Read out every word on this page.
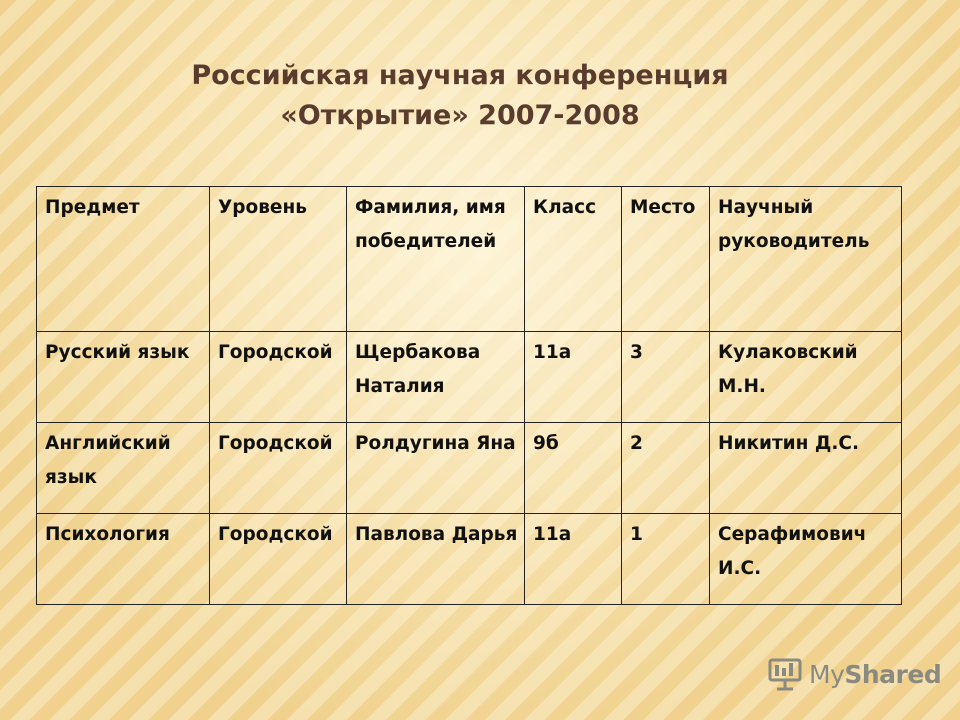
Российская научная конференция
«Открытие» 2007-2008
Предмет	Уровень	Фамилия, имя победителей	Класс	Место	Научный руководитель
Русский язык	Городской	Щербакова Наталия	11а	3	Кулаковский М.Н.
Английский язык	Городской	Ролдугина Яна	9б	2	Никитин Д.С.
Психология	Городской	Павлова Дарья	11а	1	Серафимович И.С.
MyShared
